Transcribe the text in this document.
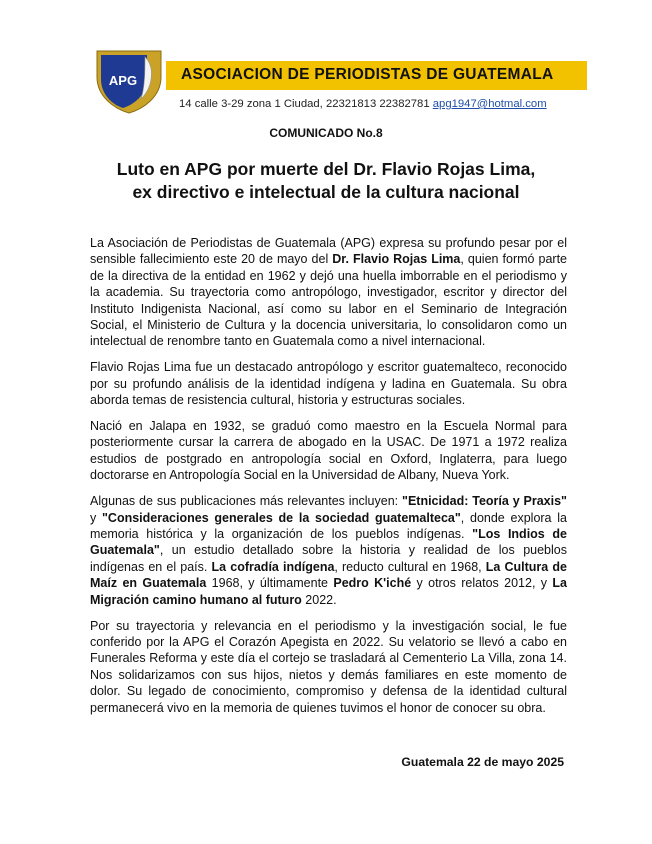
APG	ASOCIACION DE PERIODISTAS DE GUATEMALA
14 calle 3-29 zona 1 Ciudad, 22321813 22382781 apg1947@hotmal.com
COMUNICADO No.8
Luto en APG por muerte del Dr. Flavio Rojas Lima,
ex directivo e intelectual de la cultura nacional

La Asociación de Periodistas de Guatemala (APG) expresa su profundo pesar por el sensible fallecimiento este 20 de mayo del Dr. Flavio Rojas Lima, quien formó parte de la directiva de la entidad en 1962 y dejó una huella imborrable en el periodismo y la academia. Su trayectoria como antropólogo, investigador, escritor y director del Instituto Indigenista Nacional, así como su labor en el Seminario de Integración Social, el Ministerio de Cultura y la docencia universitaria, lo consolidaron como un intelectual de renombre tanto en Guatemala como a nivel internacional.

Flavio Rojas Lima fue un destacado antropólogo y escritor guatemalteco, reconocido por su profundo análisis de la identidad indígena y ladina en Guatemala. Su obra aborda temas de resistencia cultural, historia y estructuras sociales.

Nació en Jalapa en 1932, se graduó como maestro en la Escuela Normal para posteriormente cursar la carrera de abogado en la USAC. De 1971 a 1972 realiza estudios de postgrado en antropología social en Oxford, Inglaterra, para luego doctorarse en Antropología Social en la Universidad de Albany, Nueva York.

Algunas de sus publicaciones más relevantes incluyen: "Etnicidad: Teoría y Praxis" y "Consideraciones generales de la sociedad guatemalteca", donde explora la memoria histórica y la organización de los pueblos indígenas. "Los Indios de Guatemala", un estudio detallado sobre la historia y realidad de los pueblos indígenas en el país. La cofradía indígena, reducto cultural en 1968, La Cultura de Maíz en Guatemala 1968, y últimamente Pedro K'iché y otros relatos 2012, y La Migración camino humano al futuro 2022.

Por su trayectoria y relevancia en el periodismo y la investigación social, le fue conferido por la APG el Corazón Apegista en 2022. Su velatorio se llevó a cabo en Funerales Reforma y este día el cortejo se trasladará al Cementerio La Villa, zona 14. Nos solidarizamos con sus hijos, nietos y demás familiares en este momento de dolor. Su legado de conocimiento, compromiso y defensa de la identidad cultural permanecerá vivo en la memoria de quienes tuvimos el honor de conocer su obra.

Guatemala 22 de mayo 2025
